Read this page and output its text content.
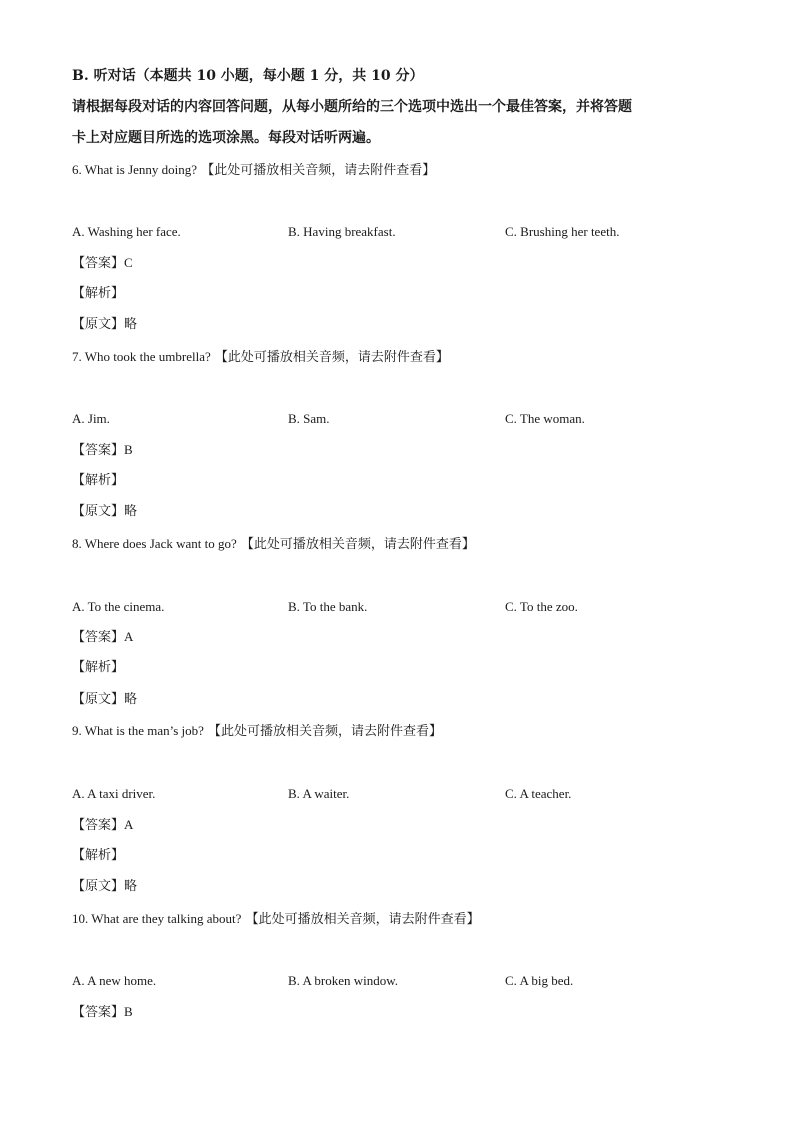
B. 听对话（本题共 10 小题，每小题 1 分，共 10 分）
请根据每段对话的内容回答问题，从每小题所给的三个选项中选出一个最佳答案，并将答题
卡上对应题目所选的选项涂黑。每段对话听两遍。
6. What is Jenny doing? 【此处可播放相关音频，请去附件查看】
A. Washing her face.	B. Having breakfast.	C. Brushing her teeth.
【答案】C
【解析】
【原文】略
7. Who took the umbrella? 【此处可播放相关音频，请去附件查看】
A. Jim.	B. Sam.	C. The woman.
【答案】B
【解析】
【原文】略
8. Where does Jack want to go? 【此处可播放相关音频，请去附件查看】
A. To the cinema.	B. To the bank.	C. To the zoo.
【答案】A
【解析】
【原文】略
9. What is the man’s job? 【此处可播放相关音频，请去附件查看】
A. A taxi driver.	B. A waiter.	C. A teacher.
【答案】A
【解析】
【原文】略
10. What are they talking about? 【此处可播放相关音频，请去附件查看】
A. A new home.	B. A broken window.	C. A big bed.
【答案】B
